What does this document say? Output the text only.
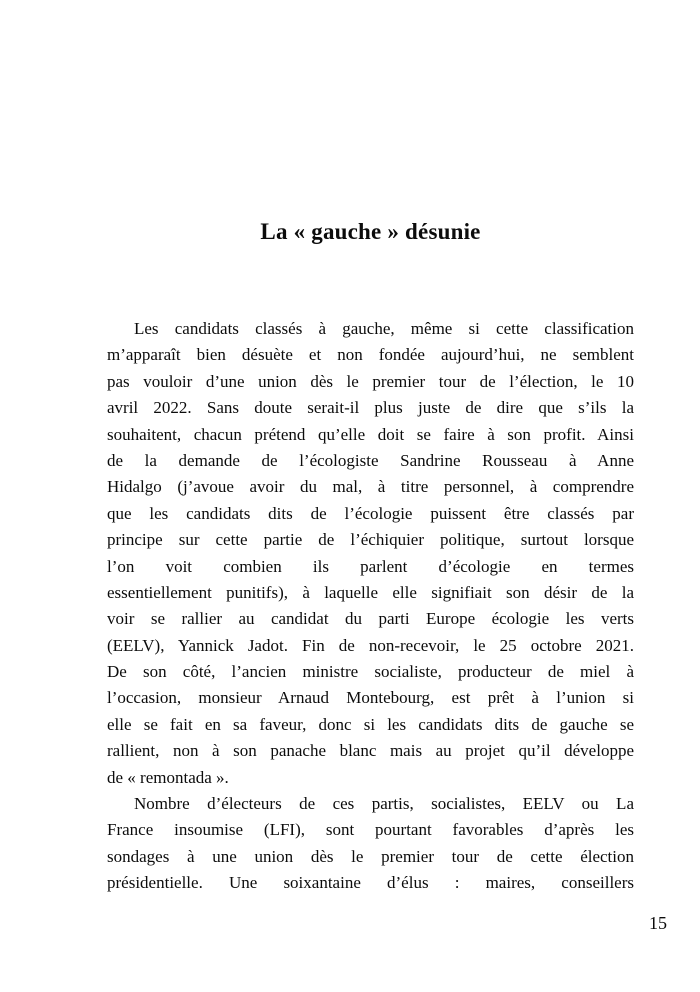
La « gauche » désunie
Les candidats classés à gauche, même si cette classification
m’apparaît bien désuète et non fondée aujourd’hui, ne semblent
pas vouloir d’une union dès le premier tour de l’élection, le 10
avril 2022. Sans doute serait-il plus juste de dire que s’ils la
souhaitent, chacun prétend qu’elle doit se faire à son profit. Ainsi
de la demande de l’écologiste Sandrine Rousseau à Anne
Hidalgo (j’avoue avoir du mal, à titre personnel, à comprendre
que les candidats dits de l’écologie puissent être classés par
principe sur cette partie de l’échiquier politique, surtout lorsque
l’on voit combien ils parlent d’écologie en termes
essentiellement punitifs), à laquelle elle signifiait son désir de la
voir se rallier au candidat du parti Europe écologie les verts
(EELV), Yannick Jadot. Fin de non-recevoir, le 25 octobre 2021.
De son côté, l’ancien ministre socialiste, producteur de miel à
l’occasion, monsieur Arnaud Montebourg, est prêt à l’union si
elle se fait en sa faveur, donc si les candidats dits de gauche se
rallient, non à son panache blanc mais au projet qu’il développe
de « remontada ».
Nombre d’électeurs de ces partis, socialistes, EELV ou La
France insoumise (LFI), sont pourtant favorables d’après les
sondages à une union dès le premier tour de cette élection
présidentielle. Une soixantaine d’élus : maires, conseillers
15
